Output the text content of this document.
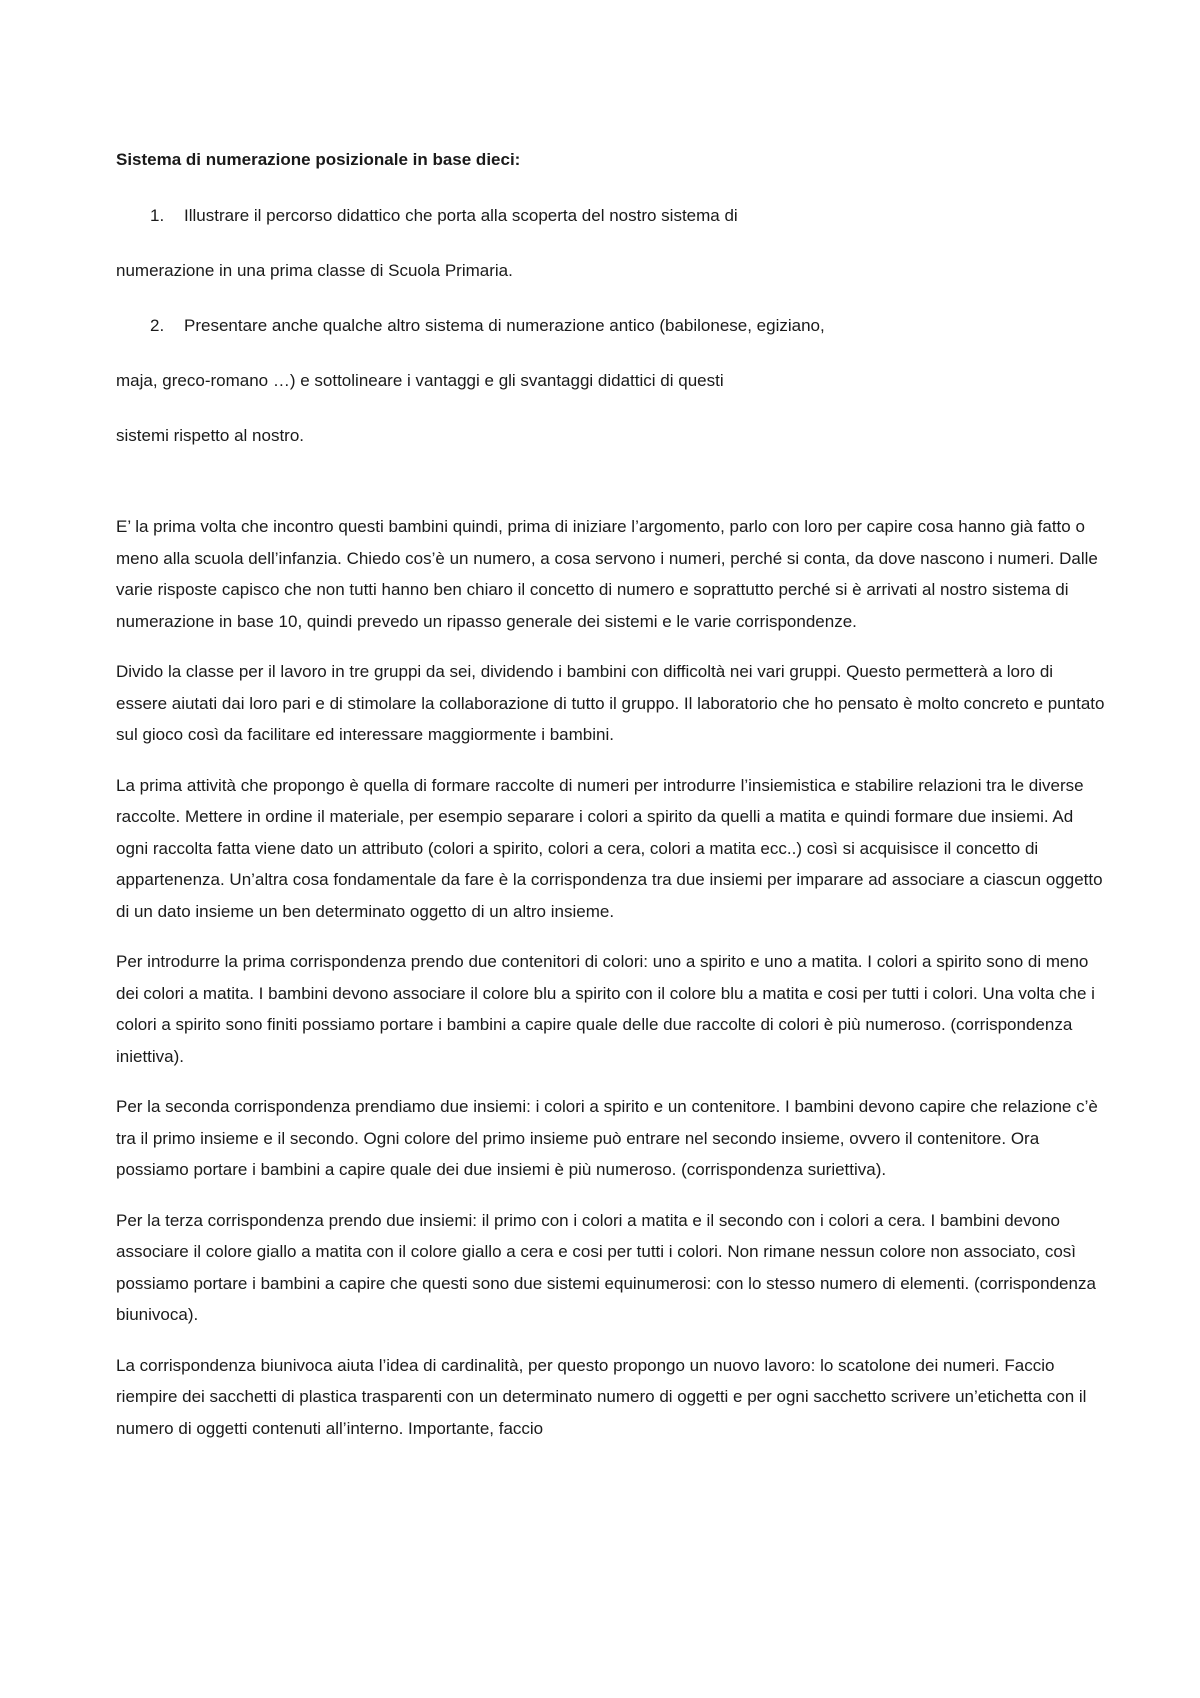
Sistema di numerazione posizionale in base dieci:
1. Illustrare il percorso didattico che porta alla scoperta del nostro sistema di
numerazione in una prima classe di Scuola Primaria.
2. Presentare anche qualche altro sistema di numerazione antico (babilonese, egiziano,
maja, greco-romano …) e sottolineare i vantaggi e gli svantaggi didattici di questi
sistemi rispetto al nostro.

E’ la prima volta che incontro questi bambini quindi, prima di iniziare l’argomento, parlo con loro per capire cosa hanno già fatto o meno alla scuola dell’infanzia. Chiedo cos’è un numero, a cosa servono i numeri, perché si conta, da dove nascono i numeri. Dalle varie risposte capisco che non tutti hanno ben chiaro il concetto di numero e soprattutto perché si è arrivati al nostro sistema di numerazione in base 10, quindi prevedo un ripasso generale dei sistemi e le varie corrispondenze.

Divido la classe per il lavoro in tre gruppi da sei, dividendo i bambini con difficoltà nei vari gruppi. Questo permetterà a loro di essere aiutati dai loro pari e di stimolare la collaborazione di tutto il gruppo. Il laboratorio che ho pensato è molto concreto e puntato sul gioco così da facilitare ed interessare maggiormente i bambini.

La prima attività che propongo è quella di formare raccolte di numeri per introdurre l’insiemistica e stabilire relazioni tra le diverse raccolte. Mettere in ordine il materiale, per esempio separare i colori a spirito da quelli a matita e quindi formare due insiemi. Ad ogni raccolta fatta viene dato un attributo (colori a spirito, colori a cera, colori a matita ecc..) così si acquisisce il concetto di appartenenza. Un’altra cosa fondamentale da fare è la corrispondenza tra due insiemi per imparare ad associare a ciascun oggetto di un dato insieme un ben determinato oggetto di un altro insieme.

Per introdurre la prima corrispondenza prendo due contenitori di colori: uno a spirito e uno a matita. I colori a spirito sono di meno dei colori a matita. I bambini devono associare il colore blu a spirito con il colore blu a matita e cosi per tutti i colori. Una volta che i colori a spirito sono finiti possiamo portare i bambini a capire quale delle due raccolte di colori è più numeroso. (corrispondenza iniettiva).

Per la seconda corrispondenza prendiamo due insiemi: i colori a spirito e un contenitore. I bambini devono capire che relazione c’è tra il primo insieme e il secondo. Ogni colore del primo insieme può entrare nel secondo insieme, ovvero il contenitore. Ora possiamo portare i bambini a capire quale dei due insiemi è più numeroso. (corrispondenza suriettiva).

Per la terza corrispondenza prendo due insiemi: il primo con i colori a matita e il secondo con i colori a cera. I bambini devono associare il colore giallo a matita con il colore giallo a cera e cosi per tutti i colori. Non rimane nessun colore non associato, così possiamo portare i bambini a capire che questi sono due sistemi equinumerosi: con lo stesso numero di elementi. (corrispondenza biunivoca).

La corrispondenza biunivoca aiuta l’idea di cardinalità, per questo propongo un nuovo lavoro: lo scatolone dei numeri. Faccio riempire dei sacchetti di plastica trasparenti con un determinato numero di oggetti e per ogni sacchetto scrivere un’etichetta con il numero di oggetti contenuti all’interno. Importante, faccio
